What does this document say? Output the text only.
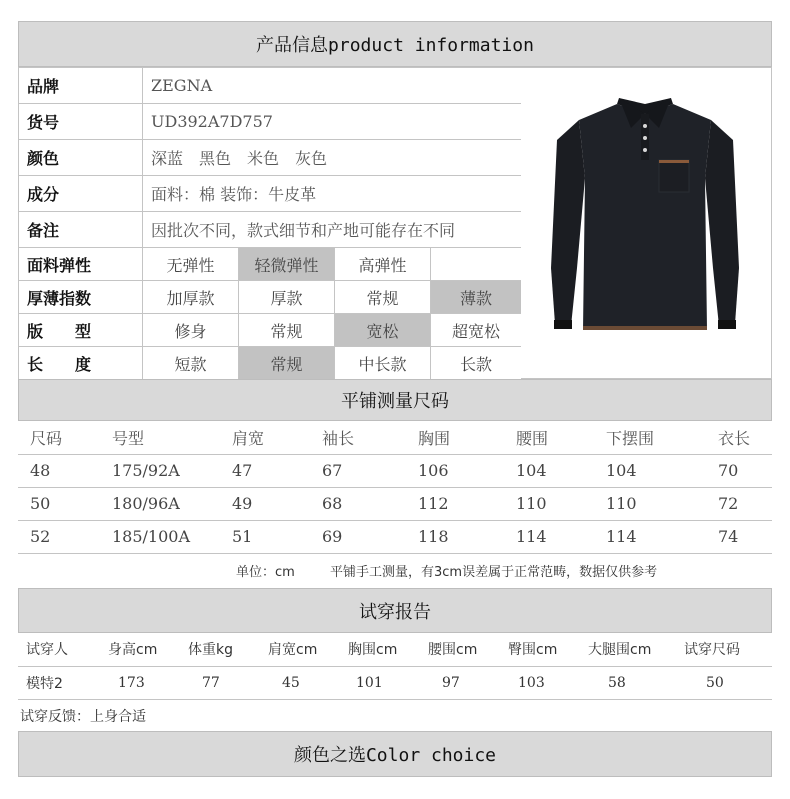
产品信息product information
品牌	ZEGNA			
货号	UD392A7D757			
颜色	深蓝　黑色　米色　灰色			
成分	面料：棉 装饰：牛皮革			
备注	因批次不同，款式细节和产地可能存在不同			
面料弹性	无弹性	轻微弹性	高弹性	
厚薄指数	加厚款	厚款	常规	薄款
版　　型	修身	常规	宽松	超宽松
长　　度	短款	常规	中长款	长款
平铺测量尺码
尺码	号型	肩宽	袖长	胸围	腰围	下摆围	衣长
48	175/92A	47	67	106	104	104	70
50	180/96A	49	68	112	110	110	72
52	185/100A	51	69	118	114	114	74
单位：cm	平铺手工测量，有3cm误差属于正常范畴，数据仅供参考
试穿报告
试穿人	身高cm	体重kg	肩宽cm	胸围cm	腰围cm	臀围cm	大腿围cm	试穿尺码
模特2	173	77	45	101	97	103	58	50
试穿反馈：上身合适
颜色之选Color choice
